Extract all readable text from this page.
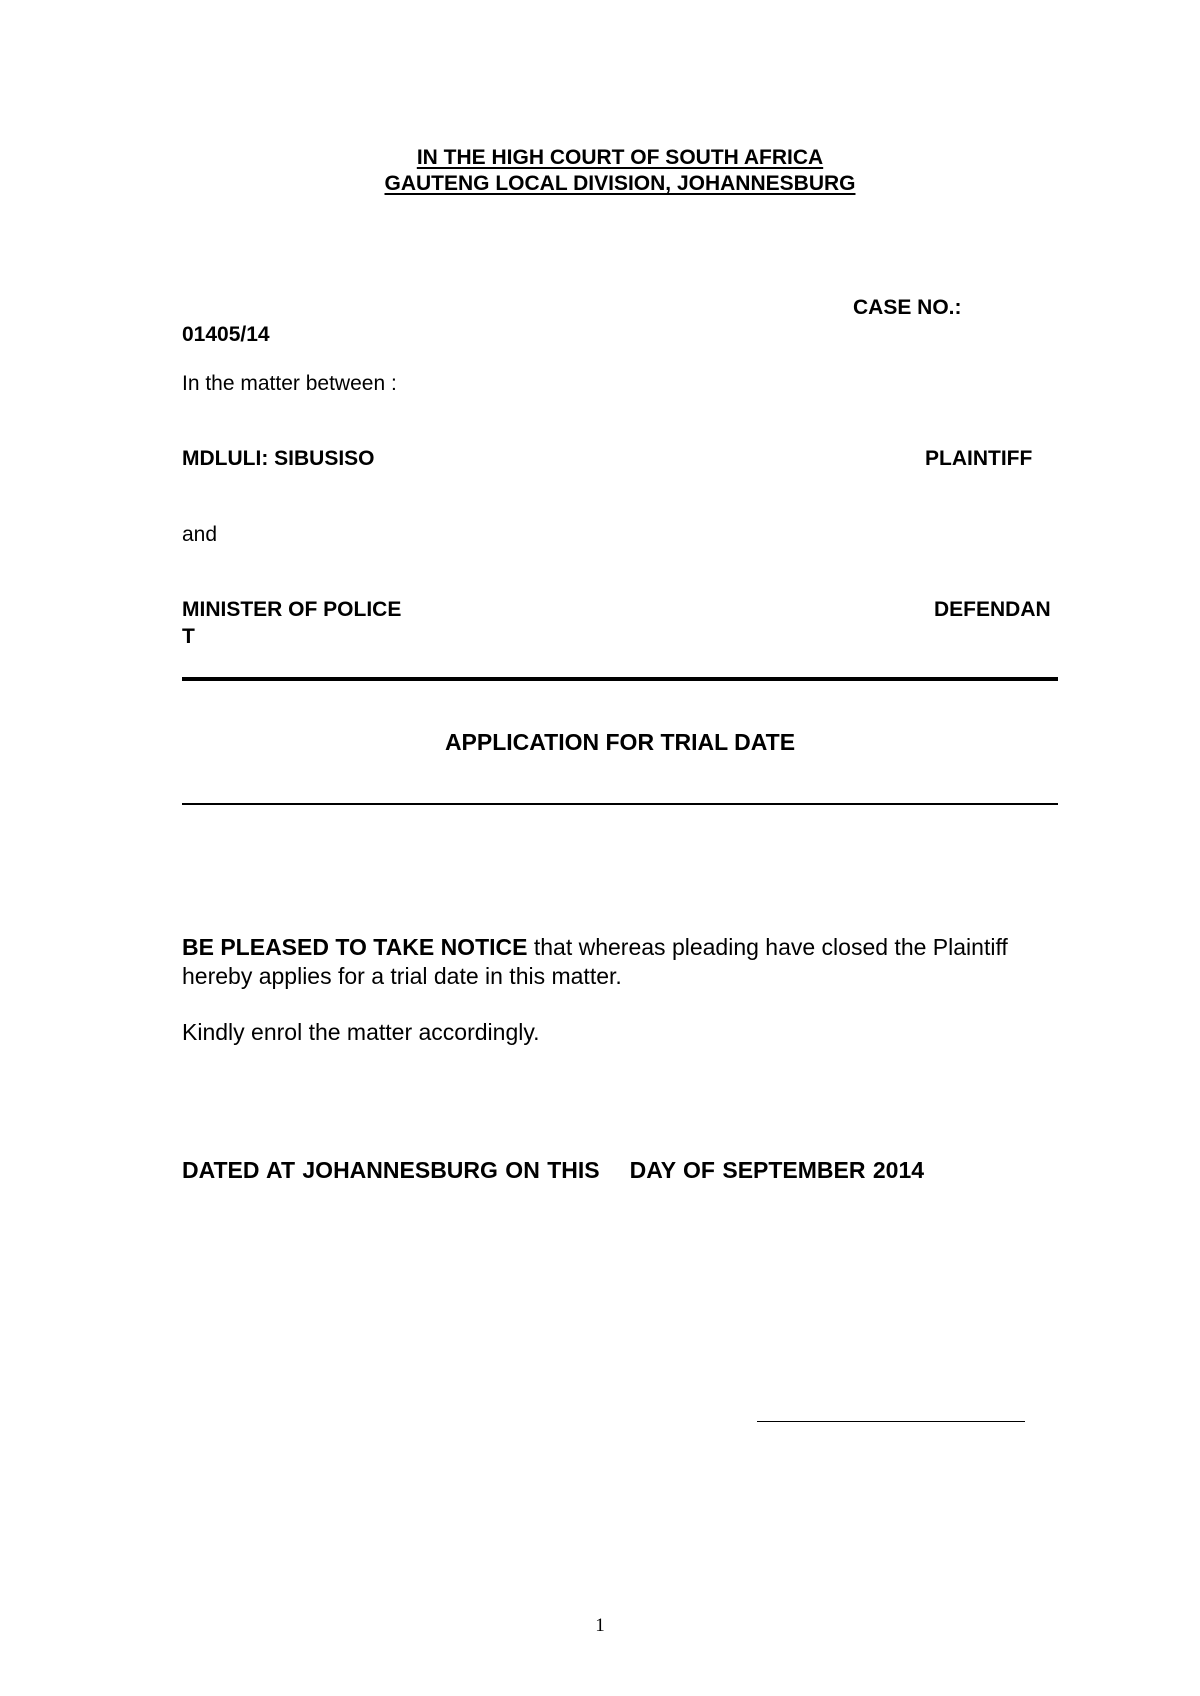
IN THE HIGH COURT OF SOUTH AFRICA
GAUTENG LOCAL DIVISION, JOHANNESBURG
CASE NO.:
01405/14
In the matter between :
MDLULI: SIBUSISO	PLAINTIFF
and
MINISTER OF POLICE	DEFENDAN
T
APPLICATION FOR TRIAL DATE
BE PLEASED TO TAKE NOTICE that whereas pleading have closed the Plaintiff hereby applies for a trial date in this matter.
Kindly enrol the matter accordingly.
DATED AT JOHANNESBURG ON THIS DAY OF SEPTEMBER 2014
1
